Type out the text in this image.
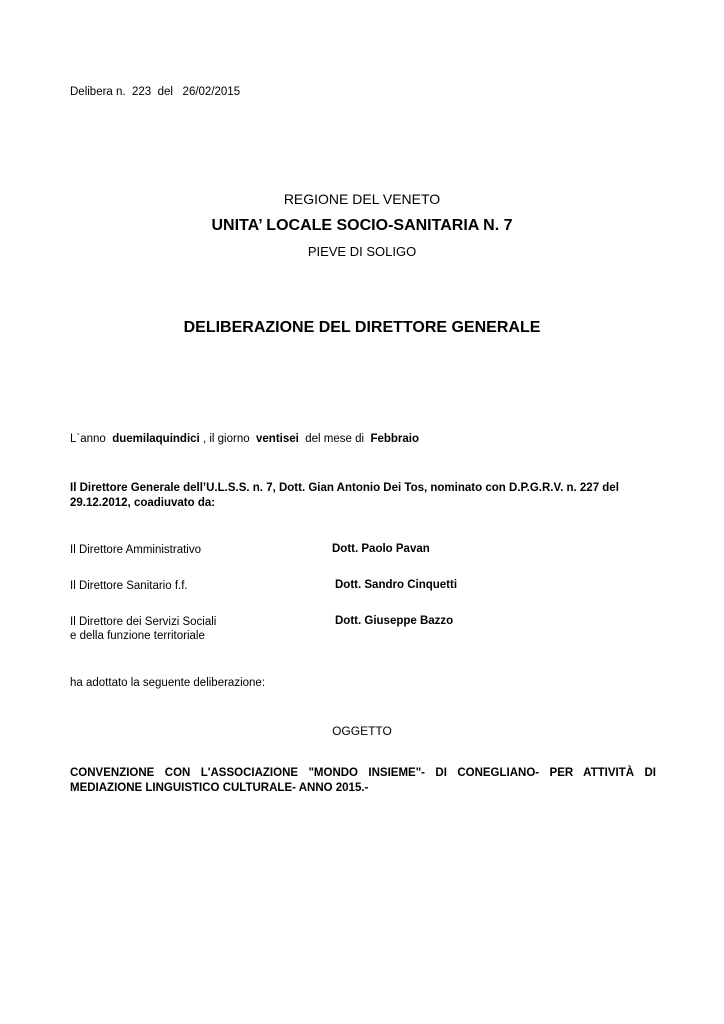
Delibera n. 223 del 26/02/2015
REGIONE DEL VENETO
UNITA’ LOCALE SOCIO-SANITARIA N. 7
PIEVE DI SOLIGO
DELIBERAZIONE DEL DIRETTORE GENERALE
L`anno duemilaquindici , il giorno ventisei del mese di Febbraio
Il Direttore Generale dell’U.L.S.S. n. 7, Dott. Gian Antonio Dei Tos, nominato con D.P.G.R.V. n. 227 del 29.12.2012, coadiuvato da:
Il Direttore Amministrativo	Dott. Paolo Pavan
Il Direttore Sanitario f.f.	Dott. Sandro Cinquetti
Il Direttore dei Servizi Sociali
e della funzione territoriale
Dott. Giuseppe Bazzo
ha adottato la seguente deliberazione:
OGGETTO
CONVENZIONE CON L'ASSOCIAZIONE "MONDO INSIEME"- DI CONEGLIANO- PER ATTIVITÀ DI MEDIAZIONE LINGUISTICO CULTURALE- ANNO 2015.-
